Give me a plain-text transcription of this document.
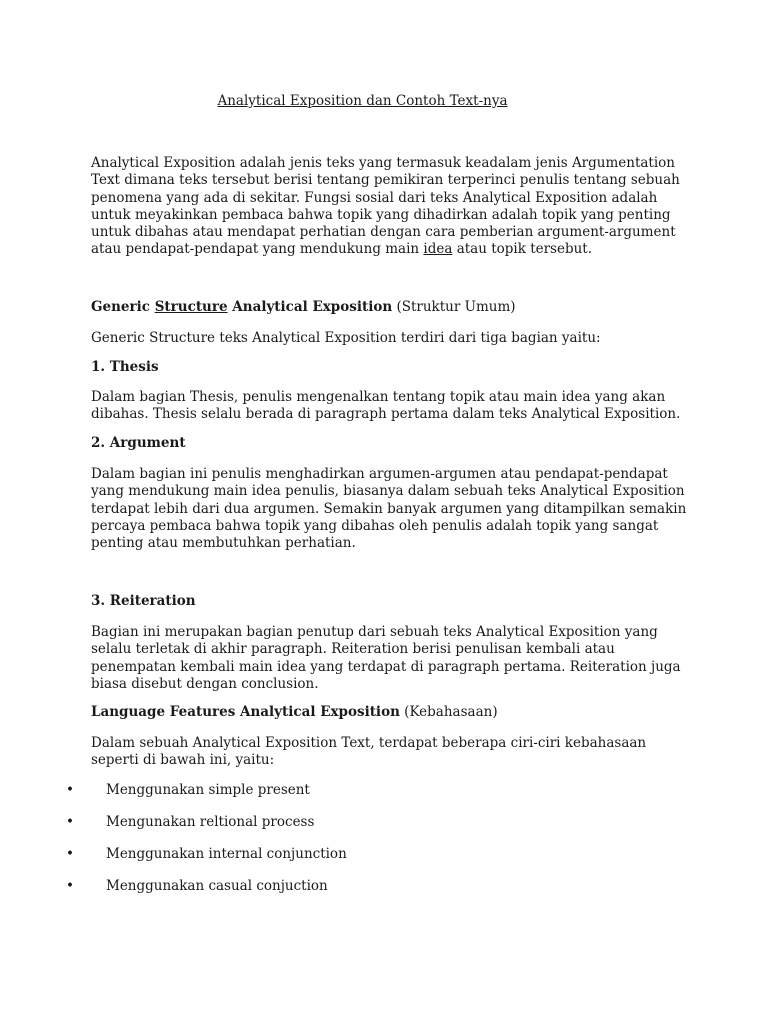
Analytical Exposition dan Contoh Text-nya

Analytical Exposition adalah jenis teks yang termasuk keadalam jenis Argumentation Text dimana teks tersebut berisi tentang pemikiran terperinci penulis tentang sebuah penomena yang ada di sekitar. Fungsi sosial dari teks Analytical Exposition adalah untuk meyakinkan pembaca bahwa topik yang dihadirkan adalah topik yang penting untuk dibahas atau mendapat perhatian dengan cara pemberian argument-argument atau pendapat-pendapat yang mendukung main idea atau topik tersebut.

Generic Structure Analytical Exposition (Struktur Umum)

Generic Structure teks Analytical Exposition terdiri dari tiga bagian yaitu:

1. Thesis

Dalam bagian Thesis, penulis mengenalkan tentang topik atau main idea yang akan dibahas. Thesis selalu berada di paragraph pertama dalam teks Analytical Exposition.

2. Argument

Dalam bagian ini penulis menghadirkan argumen-argumen atau pendapat-pendapat yang mendukung main idea penulis, biasanya dalam sebuah teks Analytical Exposition terdapat lebih dari dua argumen. Semakin banyak argumen yang ditampilkan semakin percaya pembaca bahwa topik yang dibahas oleh penulis adalah topik yang sangat penting atau membutuhkan perhatian.

3. Reiteration

Bagian ini merupakan bagian penutup dari sebuah teks Analytical Exposition yang selalu terletak di akhir paragraph. Reiteration berisi penulisan kembali atau penempatan kembali main idea yang terdapat di paragraph pertama. Reiteration juga biasa disebut dengan conclusion.

Language Features Analytical Exposition (Kebahasaan)

Dalam sebuah Analytical Exposition Text, terdapat beberapa ciri-ciri kebahasaan seperti di bawah ini, yaitu:

• Menggunakan simple present
• Mengunakan reltional process
• Menggunakan internal conjunction
• Menggunakan casual conjuction
